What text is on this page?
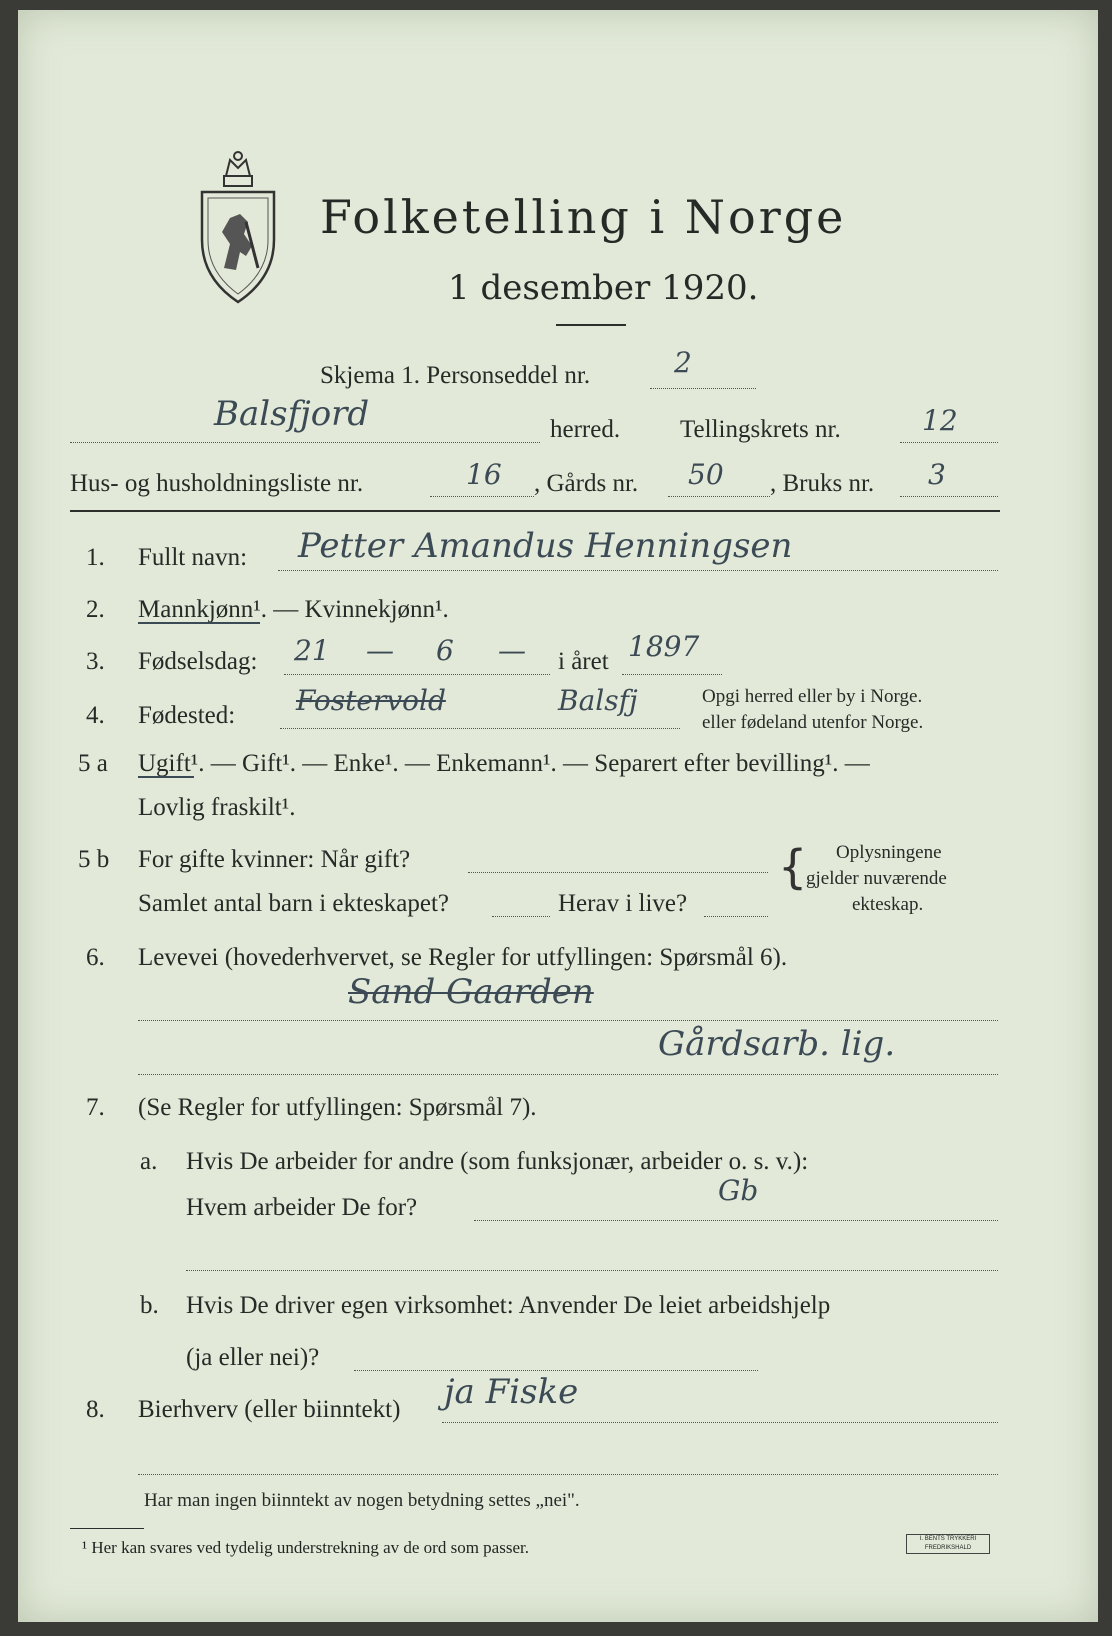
Folketelling i Norge
1 desember 1920.
Skjema 1. Personseddel nr.	2
Balsfjord	herred. Tellingskrets nr.	12
Hus- og husholdningsliste nr.	16 , Gårds nr. 50 , Bruks nr. 3
1. Fullt navn: Petter Amandus Henningsen
2. Mannkjønn¹. — Kvinnekjønn¹.
3. Fødselsdag: 21 — 6 — i året 1897
4. Fødested: Fostervold	Balsfj	Opgi herred eller by i Norge.
eller fødeland utenfor Norge.
5 a Ugift¹. — Gift¹. — Enke¹. — Enkemann¹. — Separert efter bevilling¹. —
Lovlig fraskilt¹.
5 b For gifte kvinner: Når gift?
Samlet antal barn i ekteskapet?	Herav i live?
{ Oplysningene
gjelder nuværende
ekteskap.
6. Levevei (hovederhvervet, se Regler for utfyllingen: Spørsmål 6).
Sand Gaarden
Gårdsarb. lig.
7. (Se Regler for utfyllingen: Spørsmål 7).
a. Hvis De arbeider for andre (som funksjonær, arbeider o. s. v.):
Hvem arbeider De for?
Gb
b. Hvis De driver egen virksomhet: Anvender De leiet arbeidshjelp
(ja eller nei)?
8. Bierhverv (eller biinntekt) ja Fiske
Har man ingen biinntekt av nogen betydning settes „nei".
¹ Her kan svares ved tydelig understrekning av de ord som passer.	I. BENTS TRYKKERI FREDRIKSHALD
